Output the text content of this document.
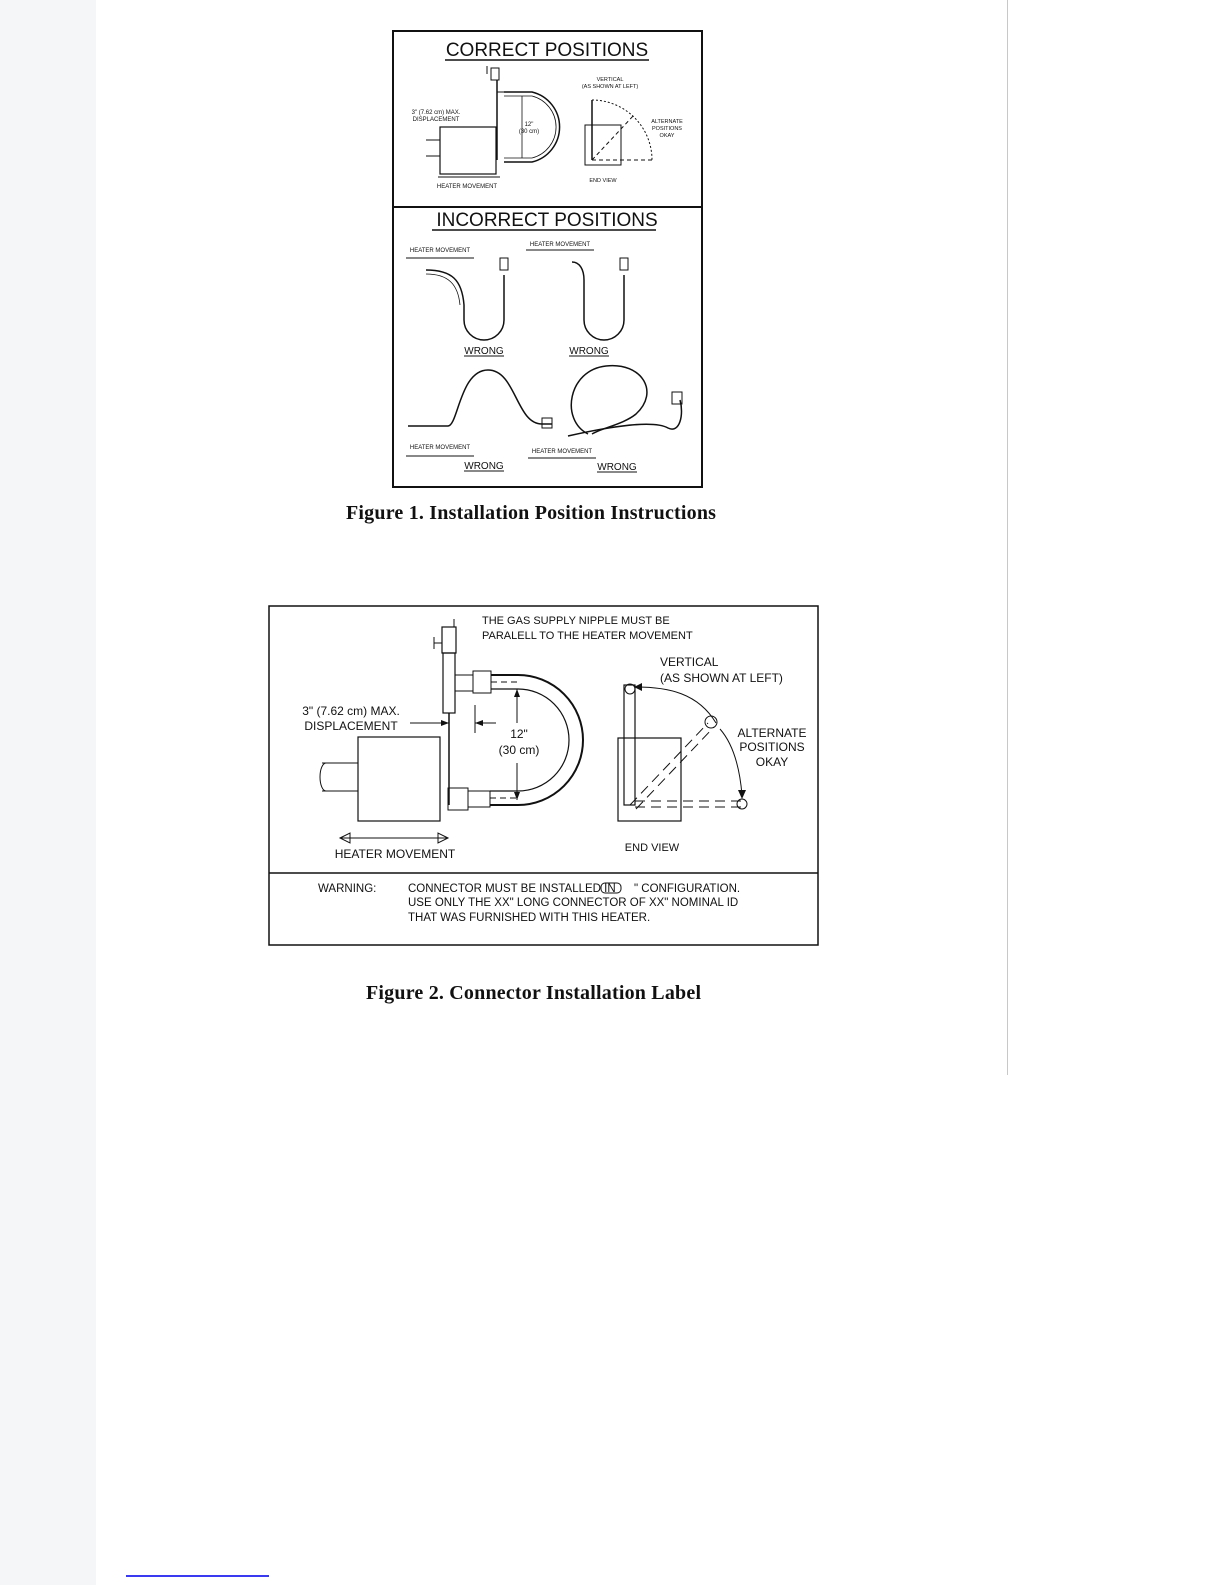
CORRECT POSITIONS
3" (7.62 cm) MAX.
DISPLACEMENT
12"
(30 cm)
HEATER MOVEMENT
VERTICAL
(AS SHOWN AT LEFT)
ALTERNATE
POSITIONS
OKAY
END VIEW
INCORRECT POSITIONS
HEATER MOVEMENT
WRONG
HEATER MOVEMENT
WRONG
HEATER MOVEMENT
WRONG
HEATER MOVEMENT
WRONG
Figure 1. Installation Position Instructions
THE GAS SUPPLY NIPPLE MUST BE
PARALELL TO THE HEATER MOVEMENT
VERTICAL
(AS SHOWN AT LEFT)
12"
(30 cm)
3" (7.62 cm) MAX.
DISPLACEMENT
HEATER MOVEMENT
ALTERNATE
POSITIONS
OKAY
END VIEW
WARNING:	CONNECTOR MUST BE INSTALLED IN " CONFIGURATION.
USE ONLY THE XX" LONG CONNECTOR OF XX" NOMINAL ID
THAT WAS FURNISHED WITH THIS HEATER.
Figure 2. Connector Installation Label
